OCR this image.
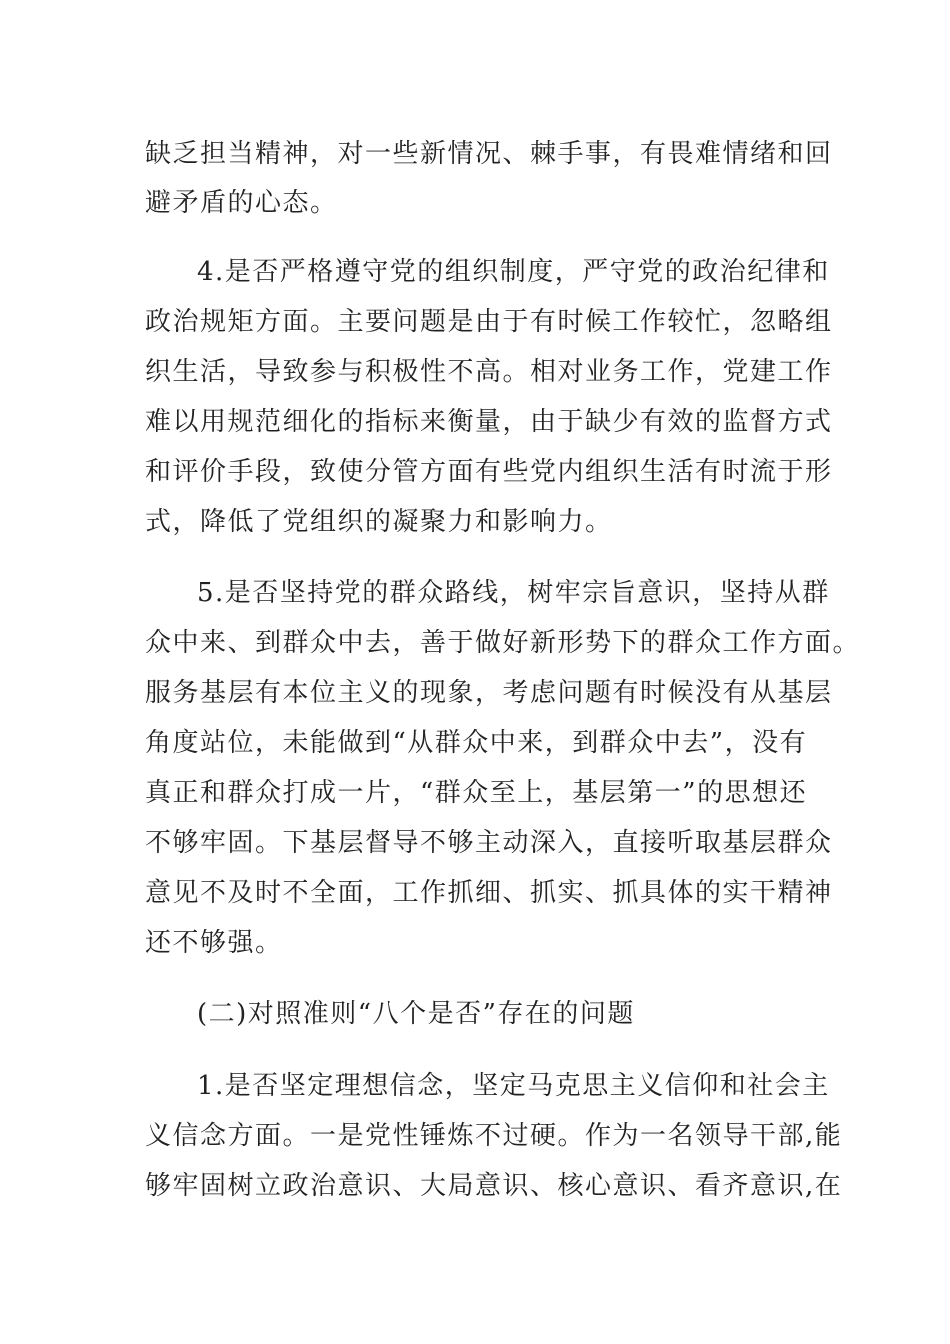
缺乏担当精神，对一些新情况、棘手事，有畏难情绪和回
避矛盾的心态。
4.是否严格遵守党的组织制度，严守党的政治纪律和
政治规矩方面。主要问题是由于有时候工作较忙，忽略组
织生活，导致参与积极性不高。相对业务工作，党建工作
难以用规范细化的指标来衡量，由于缺少有效的监督方式
和评价手段，致使分管方面有些党内组织生活有时流于形
式，降低了党组织的凝聚力和影响力。
5.是否坚持党的群众路线，树牢宗旨意识，坚持从群
众中来、到群众中去，善于做好新形势下的群众工作方面。
服务基层有本位主义的现象，考虑问题有时候没有从基层
角度站位，未能做到“从群众中来，到群众中去”，没有
真正和群众打成一片，“群众至上，基层第一”的思想还
不够牢固。下基层督导不够主动深入，直接听取基层群众
意见不及时不全面，工作抓细、抓实、抓具体的实干精神
还不够强。
(二)对照准则“八个是否”存在的问题
1.是否坚定理想信念，坚定马克思主义信仰和社会主
义信念方面。一是党性锤炼不过硬。作为一名领导干部,能
够牢固树立政治意识、大局意识、核心意识、看齐意识,在
